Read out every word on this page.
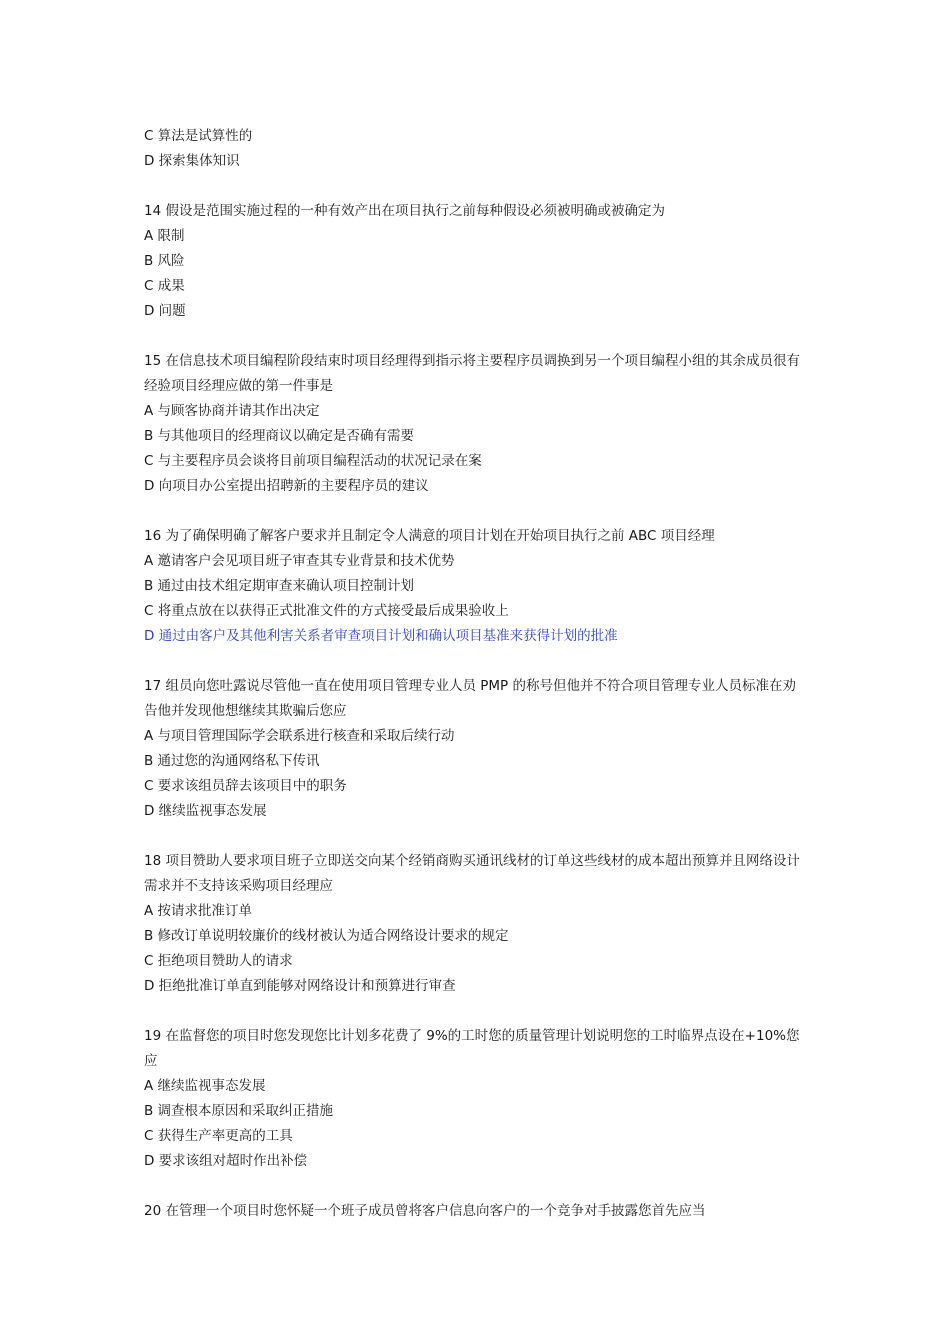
C 算法是试算性的

D 探索集体知识

14 假设是范围实施过程的一种有效产出在项目执行之前每种假设必须被明确或被确定为

A 限制

B 风险

C 成果

D 问题

15 在信息技术项目编程阶段结束时项目经理得到指示将主要程序员调换到另一个项目编程小组的其余成员很有经验项目经理应做的第一件事是

A 与顾客协商并请其作出决定

B 与其他项目的经理商议以确定是否确有需要

C 与主要程序员会谈将目前项目编程活动的状况记录在案

D 向项目办公室提出招聘新的主要程序员的建议

16 为了确保明确了解客户要求并且制定令人满意的项目计划在开始项目执行之前 ABC 项目经理

A 邀请客户会见项目班子审查其专业背景和技术优势

B 通过由技术组定期审查来确认项目控制计划

C 将重点放在以获得正式批准文件的方式接受最后成果验收上

D 通过由客户及其他利害关系者审查项目计划和确认项目基准来获得计划的批准

17 组员向您吐露说尽管他一直在使用项目管理专业人员 PMP 的称号但他并不符合项目管理专业人员标准在劝告他并发现他想继续其欺骗后您应

A 与项目管理国际学会联系进行核查和采取后续行动

B 通过您的沟通网络私下传讯

C 要求该组员辞去该项目中的职务

D 继续监视事态发展

18 项目赞助人要求项目班子立即送交向某个经销商购买通讯线材的订单这些线材的成本超出预算并且网络设计需求并不支持该采购项目经理应

A 按请求批准订单

B 修改订单说明较廉价的线材被认为适合网络设计要求的规定

C 拒绝项目赞助人的请求

D 拒绝批准订单直到能够对网络设计和预算进行审查

19 在监督您的项目时您发现您比计划多花费了 9%的工时您的质量管理计划说明您的工时临界点设在+10%您应

A 继续监视事态发展

B 调查根本原因和采取纠正措施

C 获得生产率更高的工具

D 要求该组对超时作出补偿

20 在管理一个项目时您怀疑一个班子成员曾将客户信息向客户的一个竞争对手披露您首先应当
